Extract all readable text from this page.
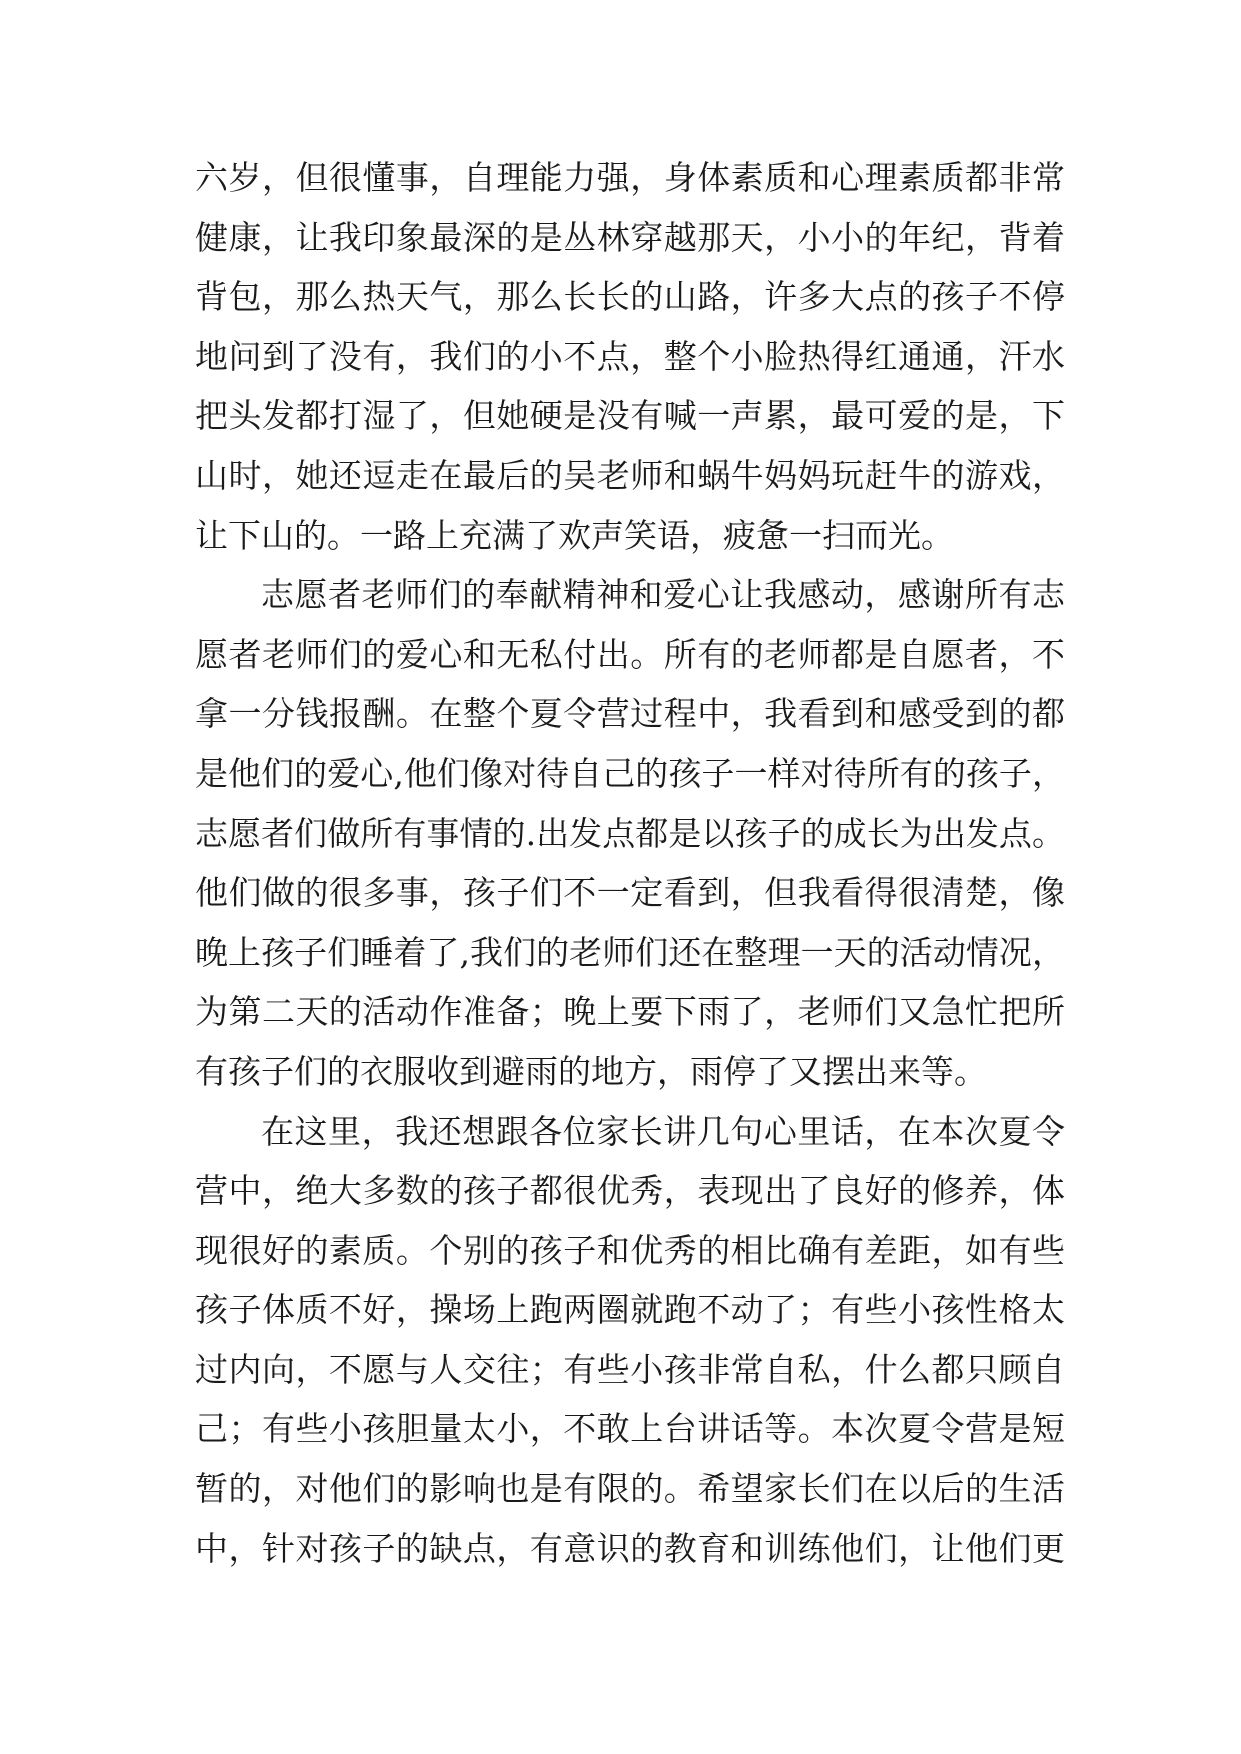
六岁，但很懂事，自理能力强，身体素质和心理素质都非常
健康，让我印象最深的是丛林穿越那天，小小的年纪，背着
背包，那么热天气，那么长长的山路，许多大点的孩子不停
地问到了没有，我们的小不点，整个小脸热得红通通，汗水
把头发都打湿了，但她硬是没有喊一声累，最可爱的是，下
山时，她还逗走在最后的吴老师和蜗牛妈妈玩赶牛的游戏，
让下山的。一路上充满了欢声笑语，疲惫一扫而光。
志愿者老师们的奉献精神和爱心让我感动，感谢所有志
愿者老师们的爱心和无私付出。所有的老师都是自愿者，不
拿一分钱报酬。在整个夏令营过程中，我看到和感受到的都
是他们的爱心,他们像对待自己的孩子一样对待所有的孩子，
志愿者们做所有事情的.出发点都是以孩子的成长为出发点。
他们做的很多事，孩子们不一定看到，但我看得很清楚，像
晚上孩子们睡着了,我们的老师们还在整理一天的活动情况，
为第二天的活动作准备；晚上要下雨了，老师们又急忙把所
有孩子们的衣服收到避雨的地方，雨停了又摆出来等。
在这里，我还想跟各位家长讲几句心里话，在本次夏令
营中，绝大多数的孩子都很优秀，表现出了良好的修养，体
现很好的素质。个别的孩子和优秀的相比确有差距，如有些
孩子体质不好，操场上跑两圈就跑不动了；有些小孩性格太
过内向，不愿与人交往；有些小孩非常自私，什么都只顾自
己；有些小孩胆量太小，不敢上台讲话等。本次夏令营是短
暂的，对他们的影响也是有限的。希望家长们在以后的生活
中，针对孩子的缺点，有意识的教育和训练他们，让他们更
